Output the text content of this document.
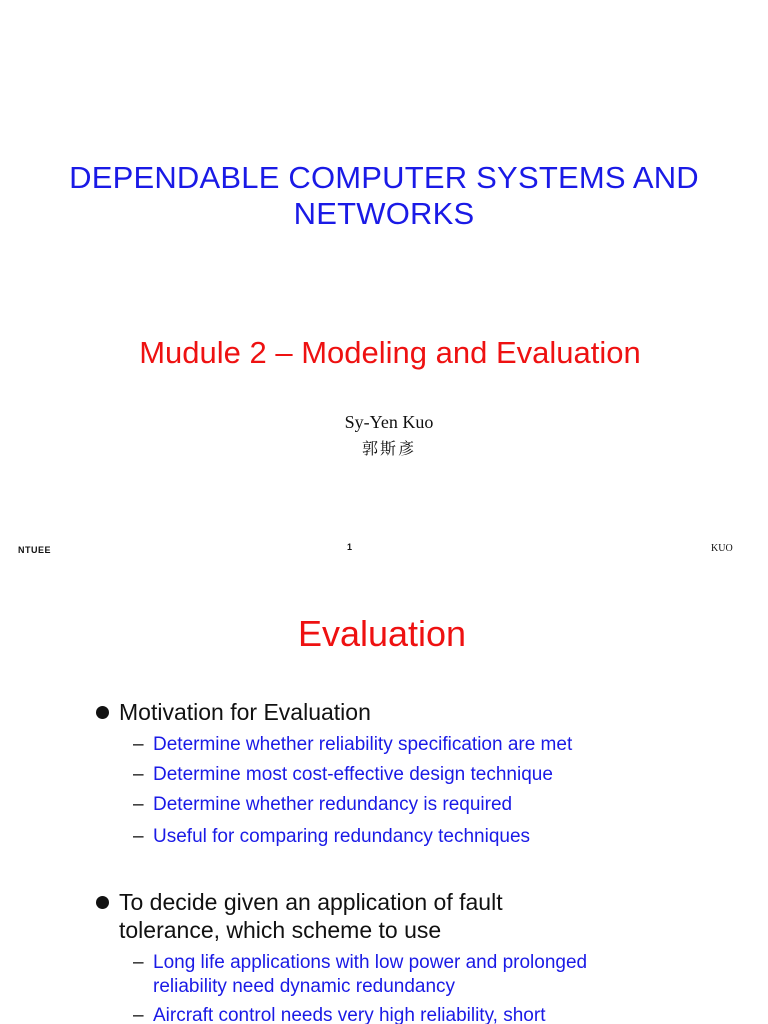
DEPENDABLE COMPUTER SYSTEMS AND NETWORKS
Mudule 2 – Modeling and Evaluation
Sy-Yen Kuo
郭斯彥
NTUEE	1	KUO
Evaluation
Motivation for Evaluation
– Determine whether reliability specification are met
– Determine most cost-effective design technique
– Determine whether redundancy is required
– Useful for comparing redundancy techniques
To decide given an application of fault tolerance, which scheme to use
– Long life applications with low power and prolonged reliability need dynamic redundancy
– Aircraft control needs very high reliability, short
